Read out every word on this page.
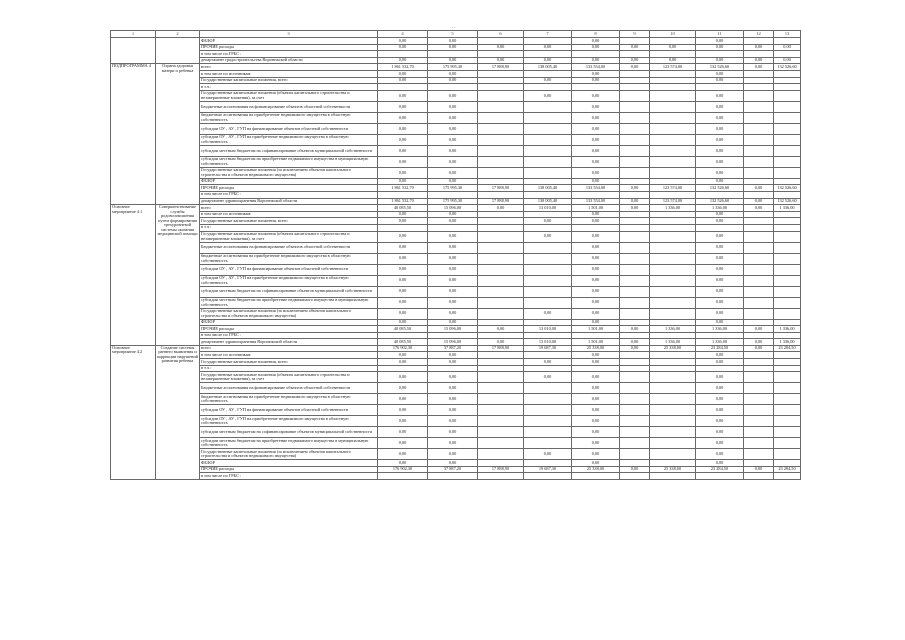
..
1	2	3	4	5	6	7	8	9	10	11	12	13
		ФБ/ЮР	0,00	0,00			0,00			0,00		
		ПРОЧИЕ расходы	0,00	0,00	0,00	0,00	0,00	0,00	0,00	0,00	0,00	0,00
		в том числе по ГРБС :										
		департамент градостроительства Воронежской области	0,00	0,00	0,00	0,00	0,00	0,00	0,00	0,00	0,00	0,00
ПОДПРОГРАММА 4	Охрана здоровья матери и ребенка	всего	1 861 532,70	175 995,30	17 888,90	138 005,40	133 554,00	0,00	123 574,00	132 526,60	0,00	132 526,60
		в том числе по источникам:	0,00	0,00			0,00			0,00		
		Государственные капитальные вложения, всего	0,00	0,00		0,00	0,00			0,00		
		в т.ч.:										
		Государственные капитальные вложения (объекты капитального строительства и незавершенные вложения), за счет	0,00	0,00		0,00	0,00			0,00		
		Бюджетные ассигнования на финансирование объектов областной собственности	0,00	0,00			0,00			0,00		
		бюджетные ассигнования на приобретение недвижимого имущества в областную собственность	0,00	0,00			0,00			0,00		
		субсидии ОУ , АУ , ГУП на финансирование объектов областной собственности	0,00	0,00			0,00			0,00		
		субсидии ОУ , АУ , ГУП на приобретение недвижимого имущества в областную собственность	0,00	0,00			0,00			0,00		
		субсидии местным бюджетам на софинансирование объектов муниципальной собственности	0,00	0,00			0,00			0,00		
		субсидии местным бюджетам на приобретение недвижимого имущества в муниципальную собственность	0,00	0,00			0,00			0,00		
		Государственные капитальные вложения (за исключением объектов капитального строительства и объектов недвижимого имущества)	0,00	0,00			0,00			0,00		
		ФБ/ЮР	0,00	0,00			0,00			0,00		
		ПРОЧИЕ расходы	1 861 532,70	175 995,30	17 888,90	138 005,40	133 554,00	0,00	123 574,00	132 526,60	0,00	132 526,60
		в том числе по ГРБС :										
		департамент здравоохранения Воронежской области	1 861 532,70	175 995,30	17 888,90	138 005,40	133 554,00	0,00	123 574,00	132 526,60	0,00	132 526,60
Основное мероприятие 4.1	Совершенствование службы родовспоможения путем формирования трехуровневой системы оказания медицинской помощи	всего	40 085,50	15 096,00	0,00	13 010,00	1 501,00	0,00	1 336,00	1 336,00	0,00	1 336,00
		в том числе по источникам:	0,00	0,00			0,00			0,00		
		Государственные капитальные вложения, всего	0,00	0,00		0,00	0,00			0,00		
		в т.ч.:										
		Государственные капитальные вложения (объекты капитального строительства и незавершенные вложения), за счет	0,00	0,00		0,00	0,00			0,00		
		Бюджетные ассигнования на финансирование объектов областной собственности	0,00	0,00			0,00			0,00		
		бюджетные ассигнования на приобретение недвижимого имущества в областную собственность	0,00	0,00			0,00			0,00		
		субсидии ОУ , АУ , ГУП на финансирование объектов областной собственности	0,00	0,00			0,00			0,00		
		субсидии ОУ , АУ , ГУП на приобретение недвижимого имущества в областную собственность	0,00	0,00			0,00			0,00		
		субсидии местным бюджетам на софинансирование объектов муниципальной собственности	0,00	0,00			0,00			0,00		
		субсидии местным бюджетам на приобретение недвижимого имущества в муниципальную собственность	0,00	0,00			0,00			0,00		
		Государственные капитальные вложения (за исключением объектов капитального строительства и объектов недвижимого имущества)	0,00	0,00		0,00	0,00			0,00		
		ФБ/ЮР	0,00	0,00			0,00			0,00		
		ПРОЧИЕ расходы	40 085,50	15 096,00	0,00	13 010,00	1 501,00	0,00	1 336,00	1 336,00	0,00	1 336,00
		в том числе по ГРБС :										
		департамент здравоохранения Воронежской области	40 085,50	15 096,00	0,00	13 010,00	1 501,00	0,00	1 336,00	1 336,00	0,00	1 336,00
Основное мероприятие 4.2	Создание системы раннего выявления и коррекции нарушений развития ребенка	всего	176 902,30	37 887,20	17 888,90	19 687,30	25 338,00	0,00	25 338,00	23 284,50	0,00	23 284,50
		в том числе по источникам:	0,00	0,00			0,00			0,00		
		Государственные капитальные вложения, всего	0,00	0,00		0,00	0,00			0,00		
		в т.ч.:										
		Государственные капитальные вложения (объекты капитального строительства и незавершенные вложения), за счет	0,00	0,00		0,00	0,00			0,00		
		Бюджетные ассигнования на финансирование объектов областной собственности	0,00	0,00			0,00			0,00		
		бюджетные ассигнования на приобретение недвижимого имущества в областную собственность	0,00	0,00			0,00			0,00		
		субсидии ОУ , АУ , ГУП на финансирование объектов областной собственности	0,00	0,00			0,00			0,00		
		субсидии ОУ , АУ , ГУП на приобретение недвижимого имущества в областную собственность	0,00	0,00			0,00			0,00		
		субсидии местным бюджетам на софинансирование объектов муниципальной собственности	0,00	0,00			0,00			0,00		
		субсидии местным бюджетам на приобретение недвижимого имущества в муниципальную собственность	0,00	0,00			0,00			0,00		
		Государственные капитальные вложения (за исключением объектов капитального строительства и объектов недвижимого имущества)	0,00	0,00		0,00	0,00			0,00		
		ФБ/ЮР	0,00	0,00			0,00			0,00		
		ПРОЧИЕ расходы	176 902,30	37 887,20	17 888,90	19 687,30	25 338,00	0,00	25 338,00	23 284,50	0,00	23 284,50
		в том числе по ГРБС :										
